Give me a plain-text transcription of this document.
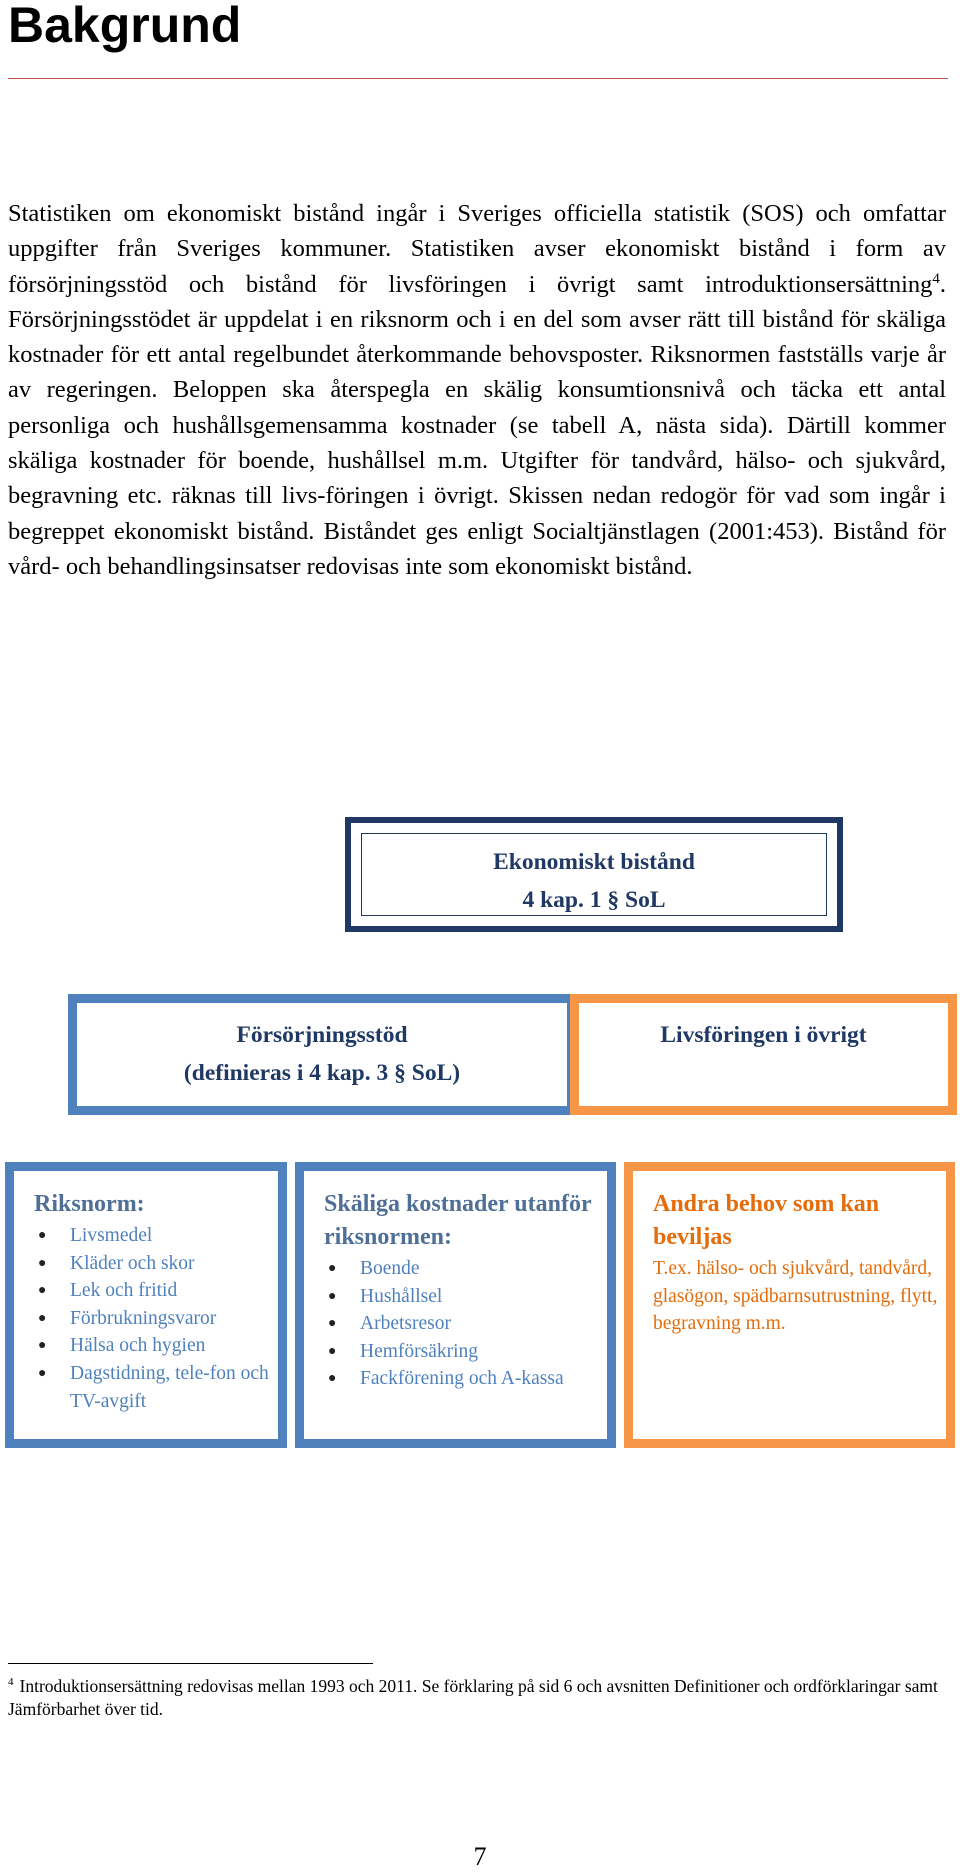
Bakgrund

Statistiken om ekonomiskt bistånd ingår i Sveriges officiella statistik (SOS) och omfattar uppgifter från Sveriges kommuner. Statistiken avser ekonomiskt bistånd i form av försörjningsstöd och bistånd för livsföringen i övrigt samt introduktionsersättning$^4$. Försörjningsstödet är uppdelat i en riksnorm och i en del som avser rätt till bistånd för skäliga kostnader för ett antal regelbundet återkommande behovsposter. Riksnormen fastställs varje år av regeringen. Beloppen ska återspegla en skälig konsumtionsnivå och täcka ett antal personliga och hushållsgemensamma kostnader (se tabell A, nästa sida). Därtill kommer skäliga kostnader för boende, hushållsel m.m. Utgifter för tandvård, hälso- och sjukvård, begravning etc. räknas till livs-föringen i övrigt. Skissen nedan redogör för vad som ingår i begreppet ekonomiskt bistånd. Biståndet ges enligt Socialtjänstlagen (2001:453). Bistånd för vård- och behandlingsinsatser redovisas inte som ekonomiskt bistånd.

Ekonomiskt bistånd
4 kap. 1 § SoL
Försörjningsstöd
(definieras i 4 kap. 3 § SoL)
Livsföringen i övrigt

Riksnorm:

● Livsmedel
● Kläder och skor
● Lek och fritid
● Förbrukningsvaror
● Hälsa och hygien
● Dagstidning, tele-fon och TV-avgift

Skäliga kostnader utanför riksnormen:

● Boende
● Hushållsel
● Arbetsresor
● Hemförsäkring
● Fackförening och A-kassa

Andra behov som kan beviljas

T.ex. hälso- och sjukvård, tandvård, glasögon, spädbarnsutrustning, flytt, begravning m.m.

$^4$ Introduktionsersättning redovisas mellan 1993 och 2011. Se förklaring på sid 6 och avsnitten Definitioner och ordförklaringar samt Jämförbarhet över tid.

7
